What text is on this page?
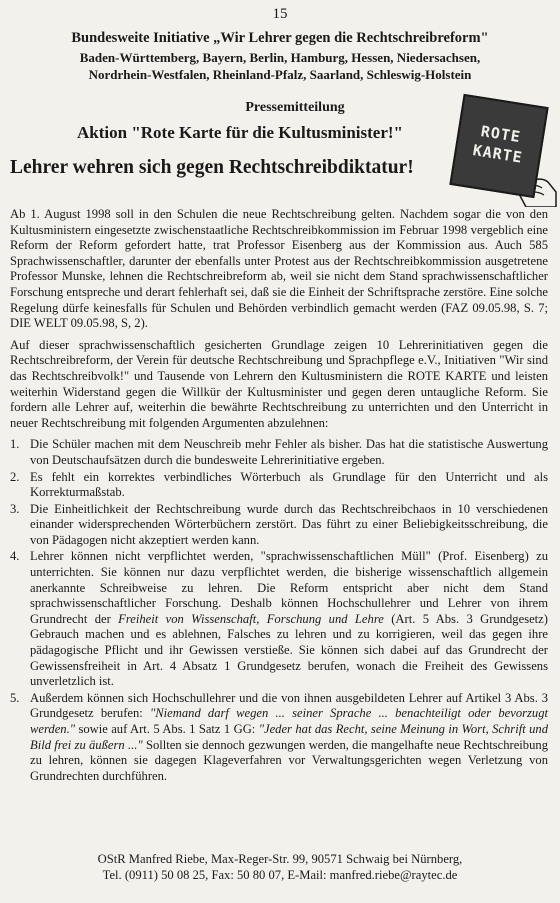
15
Bundesweite Initiative „Wir Lehrer gegen die Rechtschreibreform"
Baden-Württemberg, Bayern, Berlin, Hamburg, Hessen, Niedersachsen,
Nordrhein-Westfalen, Rheinland-Pfalz, Saarland, Schleswig-Holstein
Pressemitteilung
Aktion "Rote Karte für die Kultusminister!"	ROTE
KARTE
Lehrer wehren sich gegen Rechtschreibdiktatur!

Ab 1. August 1998 soll in den Schulen die neue Rechtschreibung gelten. Nachdem sogar die von den Kultusministern eingesetzte zwischenstaatliche Rechtschreibkommission im Februar 1998 vergeblich eine Reform der Reform gefordert hatte, trat Professor Eisenberg aus der Kommission aus. Auch 585 Sprachwissenschaftler, darunter der ebenfalls unter Protest aus der Rechtschreibkommission ausgetretene Professor Munske, lehnen die Rechtschreibreform ab, weil sie nicht dem Stand sprachwissenschaftlicher Forschung entspreche und derart fehlerhaft sei, daß sie die Einheit der Schriftsprache zerstöre. Eine solche Regelung dürfe keinesfalls für Schulen und Behörden verbindlich gemacht werden (FAZ 09.05.98, S. 7; DIE WELT 09.05.98, S, 2).

Auf dieser sprachwissenschaftlich gesicherten Grundlage zeigen 10 Lehrerinitiativen gegen die Rechtschreibreform, der Verein für deutsche Rechtschreibung und Sprachpflege e.V., Initiativen "Wir sind das Rechtschreibvolk!" und Tausende von Lehrern den Kultusministern die ROTE KARTE und leisten weiterhin Widerstand gegen die Willkür der Kultusminister und gegen deren untaugliche Reform. Sie fordern alle Lehrer auf, weiterhin die bewährte Rechtschreibung zu unterrichten und den Unterricht in neuer Rechtschreibung mit folgenden Argumenten abzulehnen:

1. Die Schüler machen mit dem Neuschreib mehr Fehler als bisher. Das hat die statistische Auswertung von Deutschaufsätzen durch die bundesweite Lehrerinitiative ergeben.
2. Es fehlt ein korrektes verbindliches Wörterbuch als Grundlage für den Unterricht und als Korrekturmaßstab.
3. Die Einheitlichkeit der Rechtschreibung wurde durch das Rechtschreibchaos in 10 verschiedenen einander widersprechenden Wörterbüchern zerstört. Das führt zu einer Beliebigkeitsschreibung, die von Pädagogen nicht akzeptiert werden kann.
4. Lehrer können nicht verpflichtet werden, "sprachwissenschaftlichen Müll" (Prof. Eisenberg) zu unterrichten. Sie können nur dazu verpflichtet werden, die bisherige wissenschaftlich allgemein anerkannte Schreibweise zu lehren. Die Reform entspricht aber nicht dem Stand sprachwissenschaftlicher Forschung. Deshalb können Hochschullehrer und Lehrer von ihrem Grundrecht der Freiheit von Wissenschaft, Forschung und Lehre (Art. 5 Abs. 3 Grundgesetz) Gebrauch machen und es ablehnen, Falsches zu lehren und zu korrigieren, weil das gegen ihre pädagogische Pflicht und ihr Gewissen verstieße. Sie können sich dabei auf das Grundrecht der Gewissensfreiheit in Art. 4 Absatz 1 Grundgesetz berufen, wonach die Freiheit des Gewissens unverletzlich ist.
5. Außerdem können sich Hochschullehrer und die von ihnen ausgebildeten Lehrer auf Artikel 3 Abs. 3 Grundgesetz berufen: "Niemand darf wegen ... seiner Sprache ... benachteiligt oder bevorzugt werden." sowie auf Art. 5 Abs. 1 Satz 1 GG: "Jeder hat das Recht, seine Meinung in Wort, Schrift und Bild frei zu äußern ..." Sollten sie dennoch gezwungen werden, die mangelhafte neue Rechtschreibung zu lehren, können sie dagegen Klageverfahren vor Verwaltungsgerichten wegen Verletzung von Grundrechten durchführen.
OStR Manfred Riebe, Max-Reger-Str. 99, 90571 Schwaig bei Nürnberg,
Tel. (0911) 50 08 25, Fax: 50 80 07, E-Mail: manfred.riebe@raytec.de
